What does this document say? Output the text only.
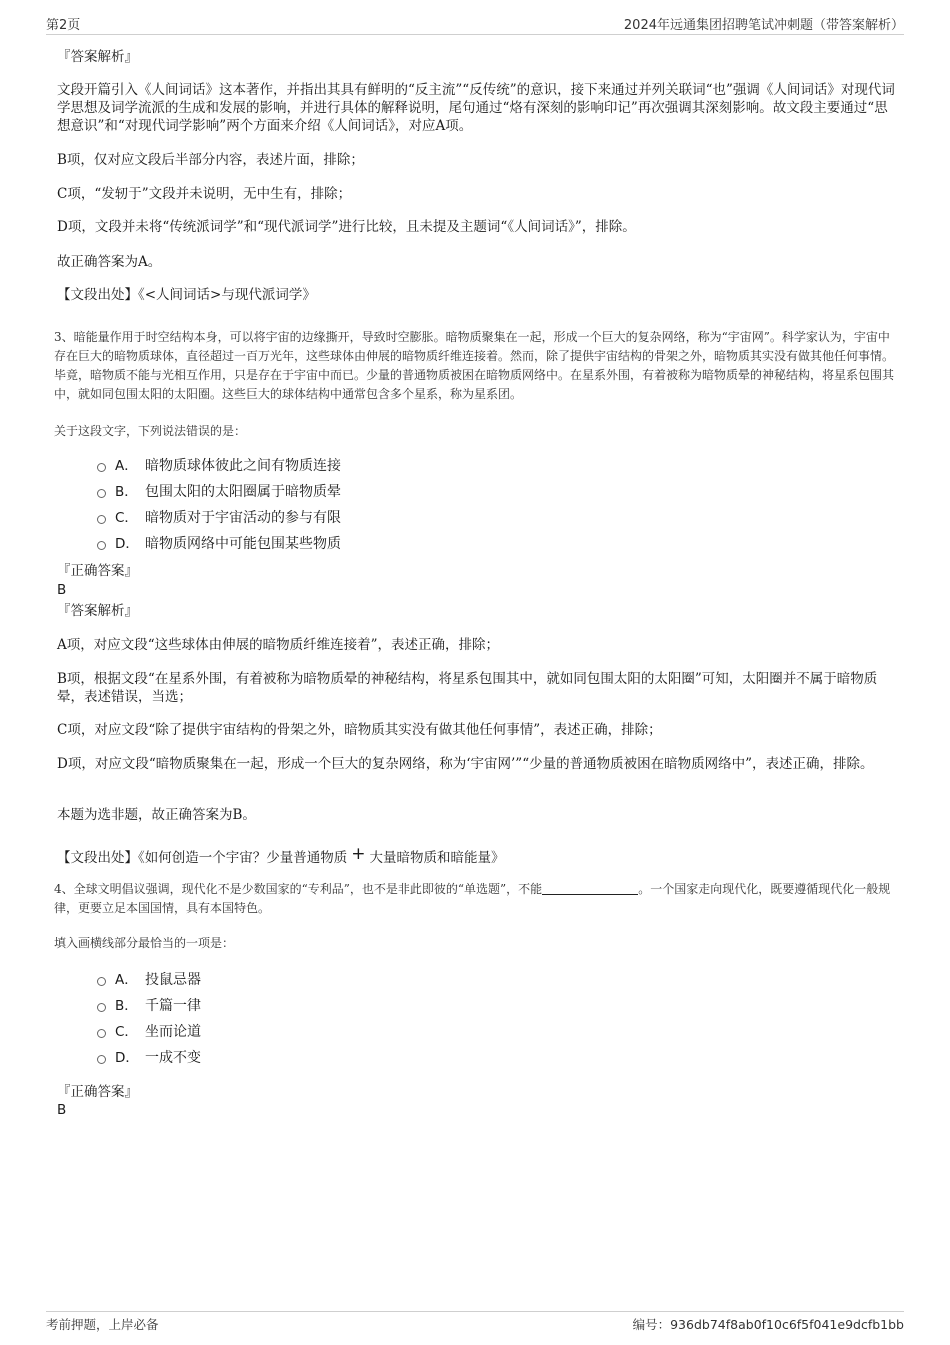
第2页	2024年远通集团招聘笔试冲刺题（带答案解析）
『答案解析』
文段开篇引入《人间词话》这本著作，并指出其具有鲜明的“反主流”“反传统”的意识，接下来通过并列关联词“也”强调《人间词话》对现代词学思想及词学流派的生成和发展的影响，并进行具体的解释说明，尾句通过“烙有深刻的影响印记”再次强调其深刻影响。故文段主要通过“思想意识”和“对现代词学影响”两个方面来介绍《人间词话》，对应A项。
B项，仅对应文段后半部分内容，表述片面，排除；
C项，“发轫于”文段并未说明，无中生有，排除；
D项，文段并未将“传统派词学”和“现代派词学”进行比较，且未提及主题词“《人间词话》”，排除。
故正确答案为A。
【文段出处】《<人间词话>与现代派词学》
3、暗能量作用于时空结构本身，可以将宇宙的边缘撕开，导致时空膨胀。暗物质聚集在一起，形成一个巨大的复杂网络，称为“宇宙网”。科学家认为，宇宙中存在巨大的暗物质球体，直径超过一百万光年，这些球体由伸展的暗物质纤维连接着。然而，除了提供宇宙结构的骨架之外，暗物质其实没有做其他任何事情。毕竟，暗物质不能与光相互作用，只是存在于宇宙中而已。少量的普通物质被困在暗物质网络中。在星系外围，有着被称为暗物质晕的神秘结构，将星系包围其中，就如同包围太阳的太阳圈。这些巨大的球体结构中通常包含多个星系，称为星系团。
关于这段文字，下列说法错误的是：
A． 暗物质球体彼此之间有物质连接
B． 包围太阳的太阳圈属于暗物质晕
C． 暗物质对于宇宙活动的参与有限
D． 暗物质网络中可能包围某些物质
『正确答案』
B
『答案解析』
A项，对应文段“这些球体由伸展的暗物质纤维连接着”，表述正确，排除；
B项，根据文段“在星系外围，有着被称为暗物质晕的神秘结构，将星系包围其中，就如同包围太阳的太阳圈”可知，太阳圈并不属于暗物质晕，表述错误，当选；
C项，对应文段“除了提供宇宙结构的骨架之外，暗物质其实没有做其他任何事情”，表述正确，排除；
D项，对应文段“暗物质聚集在一起，形成一个巨大的复杂网络，称为‘宇宙网’”“少量的普通物质被困在暗物质网络中”，表述正确，排除。
本题为选非题，故正确答案为B。
【文段出处】《如何创造一个宇宙？少量普通物质 + 大量暗物质和暗能量》
4、全球文明倡议强调，现代化不是少数国家的“专利品”，也不是非此即彼的“单选题”，不能	。一个国家走向现代化，既要遵循现代化一般规律，更要立足本国国情，具有本国特色。
填入画横线部分最恰当的一项是：
A． 投鼠忌器
B． 千篇一律
C． 坐而论道
D． 一成不变
『正确答案』
B
考前押题，上岸必备	编号：936db74f8ab0f10c6f5f041e9dcfb1bb
